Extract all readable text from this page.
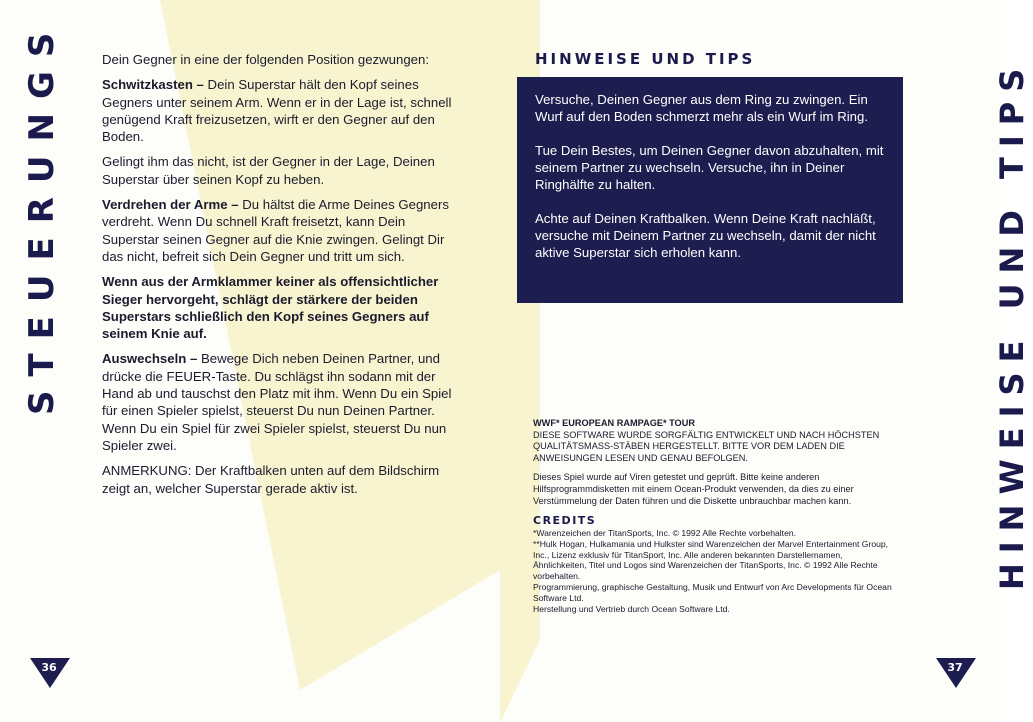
STEUERUNGS	Dein Gegner in eine der folgenden Position gezwungen:

Schwitzkasten – Dein Superstar hält den Kopf seines Gegners unter seinem Arm. Wenn er in der Lage ist, schnell genügend Kraft freizusetzen, wirft er den Gegner auf den Boden.

Gelingt ihm das nicht, ist der Gegner in der Lage, Deinen Superstar über seinen Kopf zu heben.

Verdrehen der Arme – Du hältst die Arme Deines Gegners verdreht. Wenn Du schnell Kraft freisetzt, kann Dein Superstar seinen Gegner auf die Knie zwingen. Gelingt Dir das nicht, befreit sich Dein Gegner und tritt um sich.

Wenn aus der Armklammer keiner als offensichtlicher Sieger hervorgeht, schlägt der stärkere der beiden Superstars schließlich den Kopf seines Gegners auf seinem Knie auf.

Auswechseln – Bewege Dich neben Deinen Partner, und drücke die FEUER-Taste. Du schlägst ihn sodann mit der Hand ab und tauschst den Platz mit ihm. Wenn Du ein Spiel für einen Spieler spielst, steuerst Du nun Deinen Partner. Wenn Du ein Spiel für zwei Spieler spielst, steuerst Du nun Spieler zwei.

ANMERKUNG: Der Kraftbalken unten auf dem Bildschirm zeigt an, welcher Superstar gerade aktiv ist.

36
HINWEISE UND TIPS

Versuche, Deinen Gegner aus dem Ring zu zwingen. Ein Wurf auf den Boden schmerzt mehr als ein Wurf im Ring.

Tue Dein Bestes, um Deinen Gegner davon abzuhalten, mit seinem Partner zu wechseln. Versuche, ihn in Deiner Ringhälfte zu halten.

Achte auf Deinen Kraftbalken. Wenn Deine Kraft nachläßt, versuche mit Deinem Partner zu wechseln, damit der nicht aktive Superstar sich erholen kann.

WWF* EUROPEAN RAMPAGE* TOUR
DIESE SOFTWARE WURDE SORGFÄLTIG ENTWICKELT UND NACH HÖCHSTEN QUALITÄTSMASS-STÄBEN HERGESTELLT. BITTE VOR DEM LADEN DIE ANWEISUNGEN LESEN UND GENAU BEFOLGEN.

Dieses Spiel wurde auf Viren getestet und geprüft. Bitte keine anderen Hilfsprogrammdisketten mit einem Ocean-Produkt verwenden, da dies zu einer Verstümmelung der Daten führen und die Diskette unbrauchbar machen kann.

CREDITS
*Warenzeichen der TitanSports, Inc. © 1992 Alle Rechte vorbehalten.
**Hulk Hogan, Hulkamania und Hulkster sind Warenzeichen der Marvel Entertainment Group, Inc., Lizenz exklusiv für TitanSport, Inc. Alle anderen bekannten Darstellernamen, Ähnlichkeiten, Titel und Logos sind Warenzeichen der TitanSports, Inc. © 1992 Alle Rechte vorbehalten.
Programmierung, graphische Gestaltung, Musik und Entwurf von Arc Developments für Ocean Software Ltd.
Herstellung und Vertrieb durch Ocean Software Ltd.
HINWEISE UND TIPS
37
